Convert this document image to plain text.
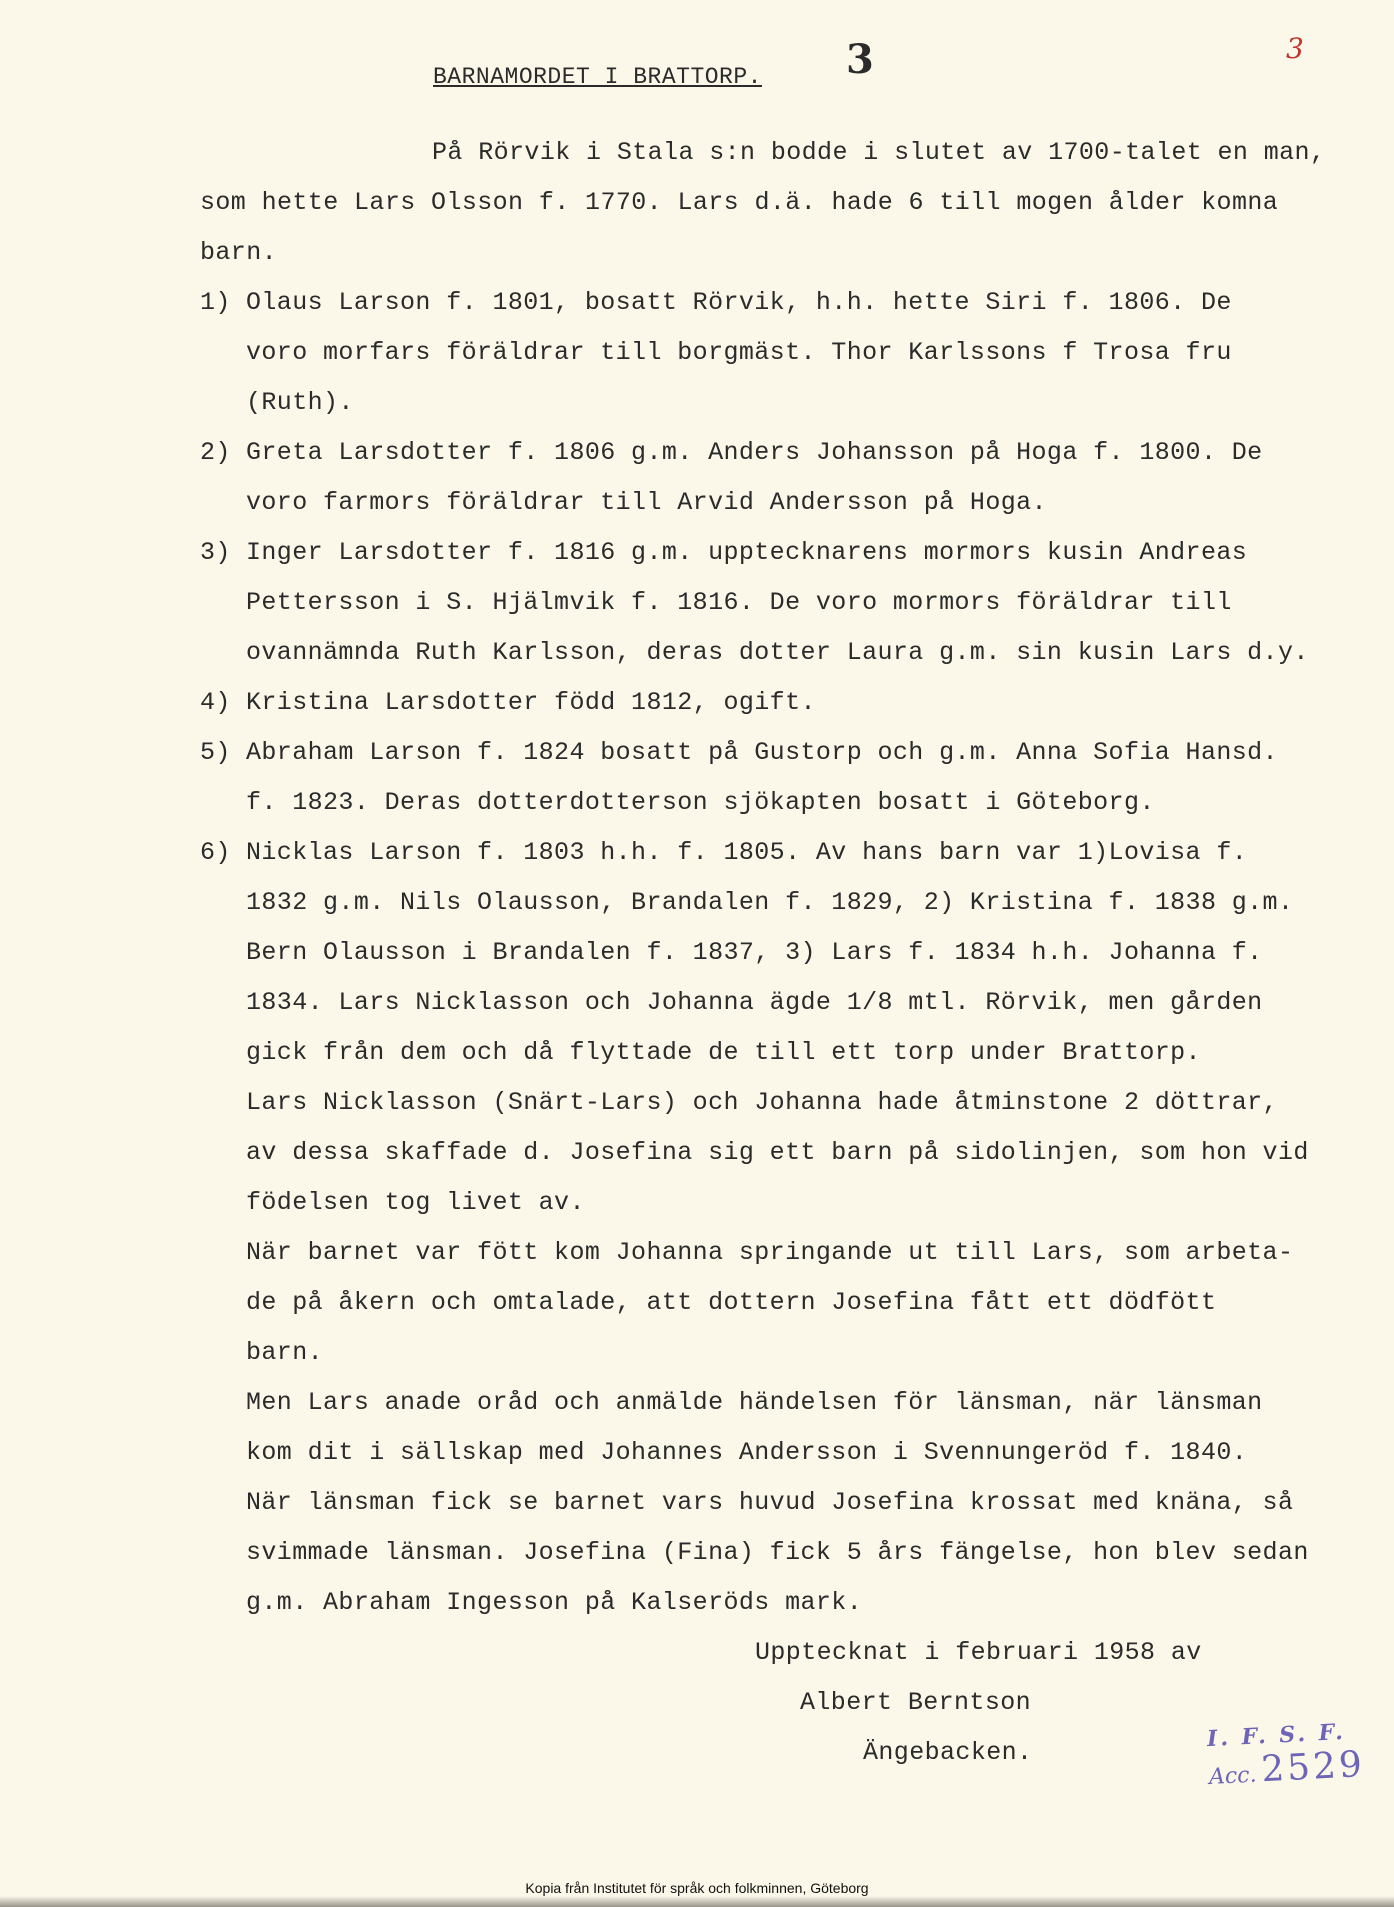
BARNAMORDET I BRATTORP. 3	3
På Rörvik i Stala s:n bodde i slutet av 1700-talet en man,
som hette Lars Olsson f. 1770. Lars d.ä. hade 6 till mogen ålder komna
barn.
1) Olaus Larson f. 1801, bosatt Rörvik, h.h. hette Siri f. 1806. De
voro morfars föräldrar till borgmäst. Thor Karlssons f Trosa fru
(Ruth).
2) Greta Larsdotter f. 1806 g.m. Anders Johansson på Hoga f. 1800. De
voro farmors föräldrar till Arvid Andersson på Hoga.
3) Inger Larsdotter f. 1816 g.m. upptecknarens mormors kusin Andreas
Pettersson i S. Hjälmvik f. 1816. De voro mormors föräldrar till
ovannämnda Ruth Karlsson, deras dotter Laura g.m. sin kusin Lars d.y.
4) Kristina Larsdotter född 1812, ogift.
5) Abraham Larson f. 1824 bosatt på Gustorp och g.m. Anna Sofia Hansd.
f. 1823. Deras dotterdotterson sjökapten bosatt i Göteborg.
6) Nicklas Larson f. 1803 h.h. f. 1805. Av hans barn var 1)Lovisa f.
1832 g.m. Nils Olausson, Brandalen f. 1829, 2) Kristina f. 1838 g.m.
Bern Olausson i Brandalen f. 1837, 3) Lars f. 1834 h.h. Johanna f.
1834. Lars Nicklasson och Johanna ägde 1/8 mtl. Rörvik, men gården
gick från dem och då flyttade de till ett torp under Brattorp.
Lars Nicklasson (Snärt-Lars) och Johanna hade åtminstone 2 döttrar,
av dessa skaffade d. Josefina sig ett barn på sidolinjen, som hon vid
födelsen tog livet av.
När barnet var fött kom Johanna springande ut till Lars, som arbeta-
de på åkern och omtalade, att dottern Josefina fått ett dödfött
barn.
Men Lars anade oråd och anmälde händelsen för länsman, när länsman
kom dit i sällskap med Johannes Andersson i Svennungeröd f. 1840.
När länsman fick se barnet vars huvud Josefina krossat med knäna, så
svimmade länsman. Josefina (Fina) fick 5 års fängelse, hon blev sedan
g.m. Abraham Ingesson på Kalseröds mark.
Upptecknat i februari 1958 av
Albert Berntson
Ängebacken.
I. F. S. F.
Acc. 2529
Kopia från Institutet för språk och folkminnen, Göteborg
